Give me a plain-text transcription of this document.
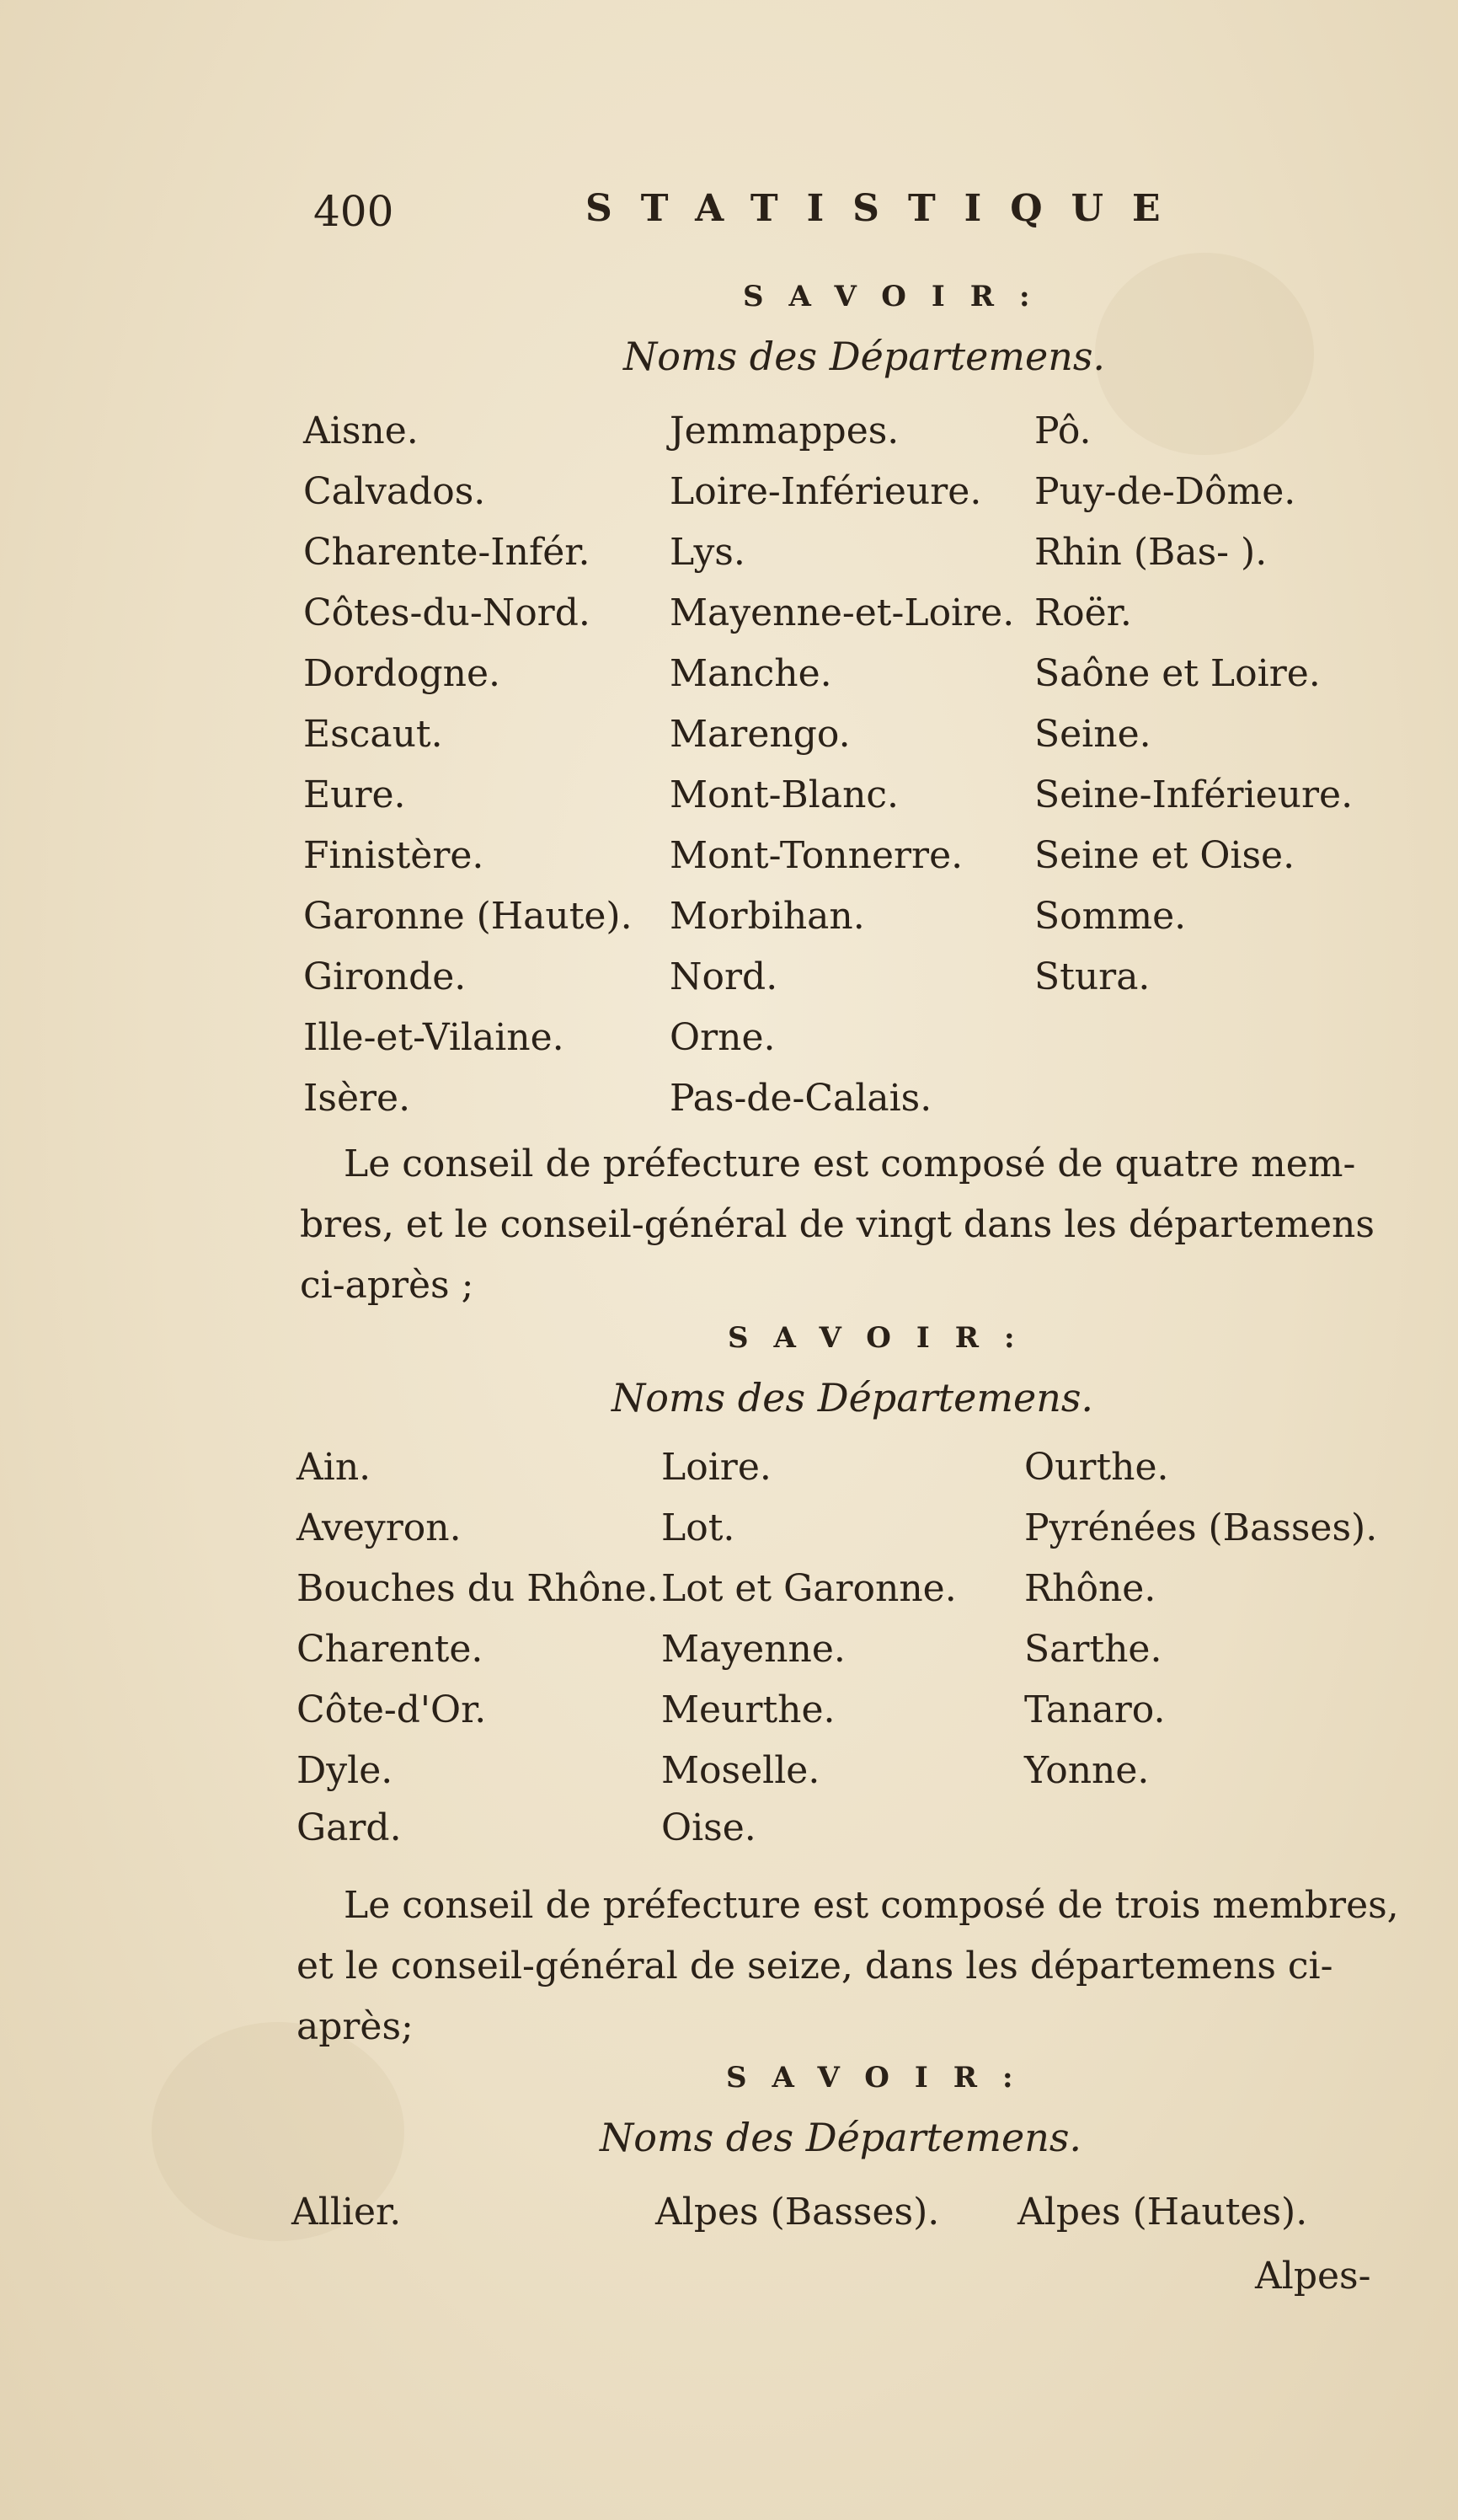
400	STATISTIQUE
SAVOIR:
Noms des Départemens.
Aisne.
Calvados.
Charente-Infér.
Côtes-du-Nord.
Dordogne.
Escaut.
Eure.
Finistère.
Garonne (Haute).
Gironde.
Ille-et-Vilaine.
Isère.
Jemmappes.
Loire-Inférieure.
Lys.
Mayenne-et-Loire.
Manche.
Marengo.
Mont-Blanc.
Mont-Tonnerre.
Morbihan.
Nord.
Orne.
Pas-de-Calais.
Pô.
Puy-de-Dôme.
Rhin (Bas- ).
Roër.
Saône et Loire.
Seine.
Seine-Inférieure.
Seine et Oise.
Somme.
Stura.
Le conseil de préfecture est composé de quatre mem-
bres, et le conseil-général de vingt dans les départemens
ci-après ;
SAVOIR:
Noms des Départemens.
Ain.
Aveyron.
Bouches du Rhône.
Charente.
Côte-d'Or.
Dyle.
Gard.
Loire.
Lot.
Lot et Garonne.
Mayenne.
Meurthe.
Moselle.
Oise.
Ourthe.
Pyrénées (Basses).
Rhône.
Sarthe.
Tanaro.
Yonne.
Le conseil de préfecture est composé de trois membres,
et le conseil-général de seize, dans les départemens ci-
après;
SAVOIR:
Noms des Départemens.
Allier.	Alpes (Basses). Alpes (Hautes).
Alpes-
